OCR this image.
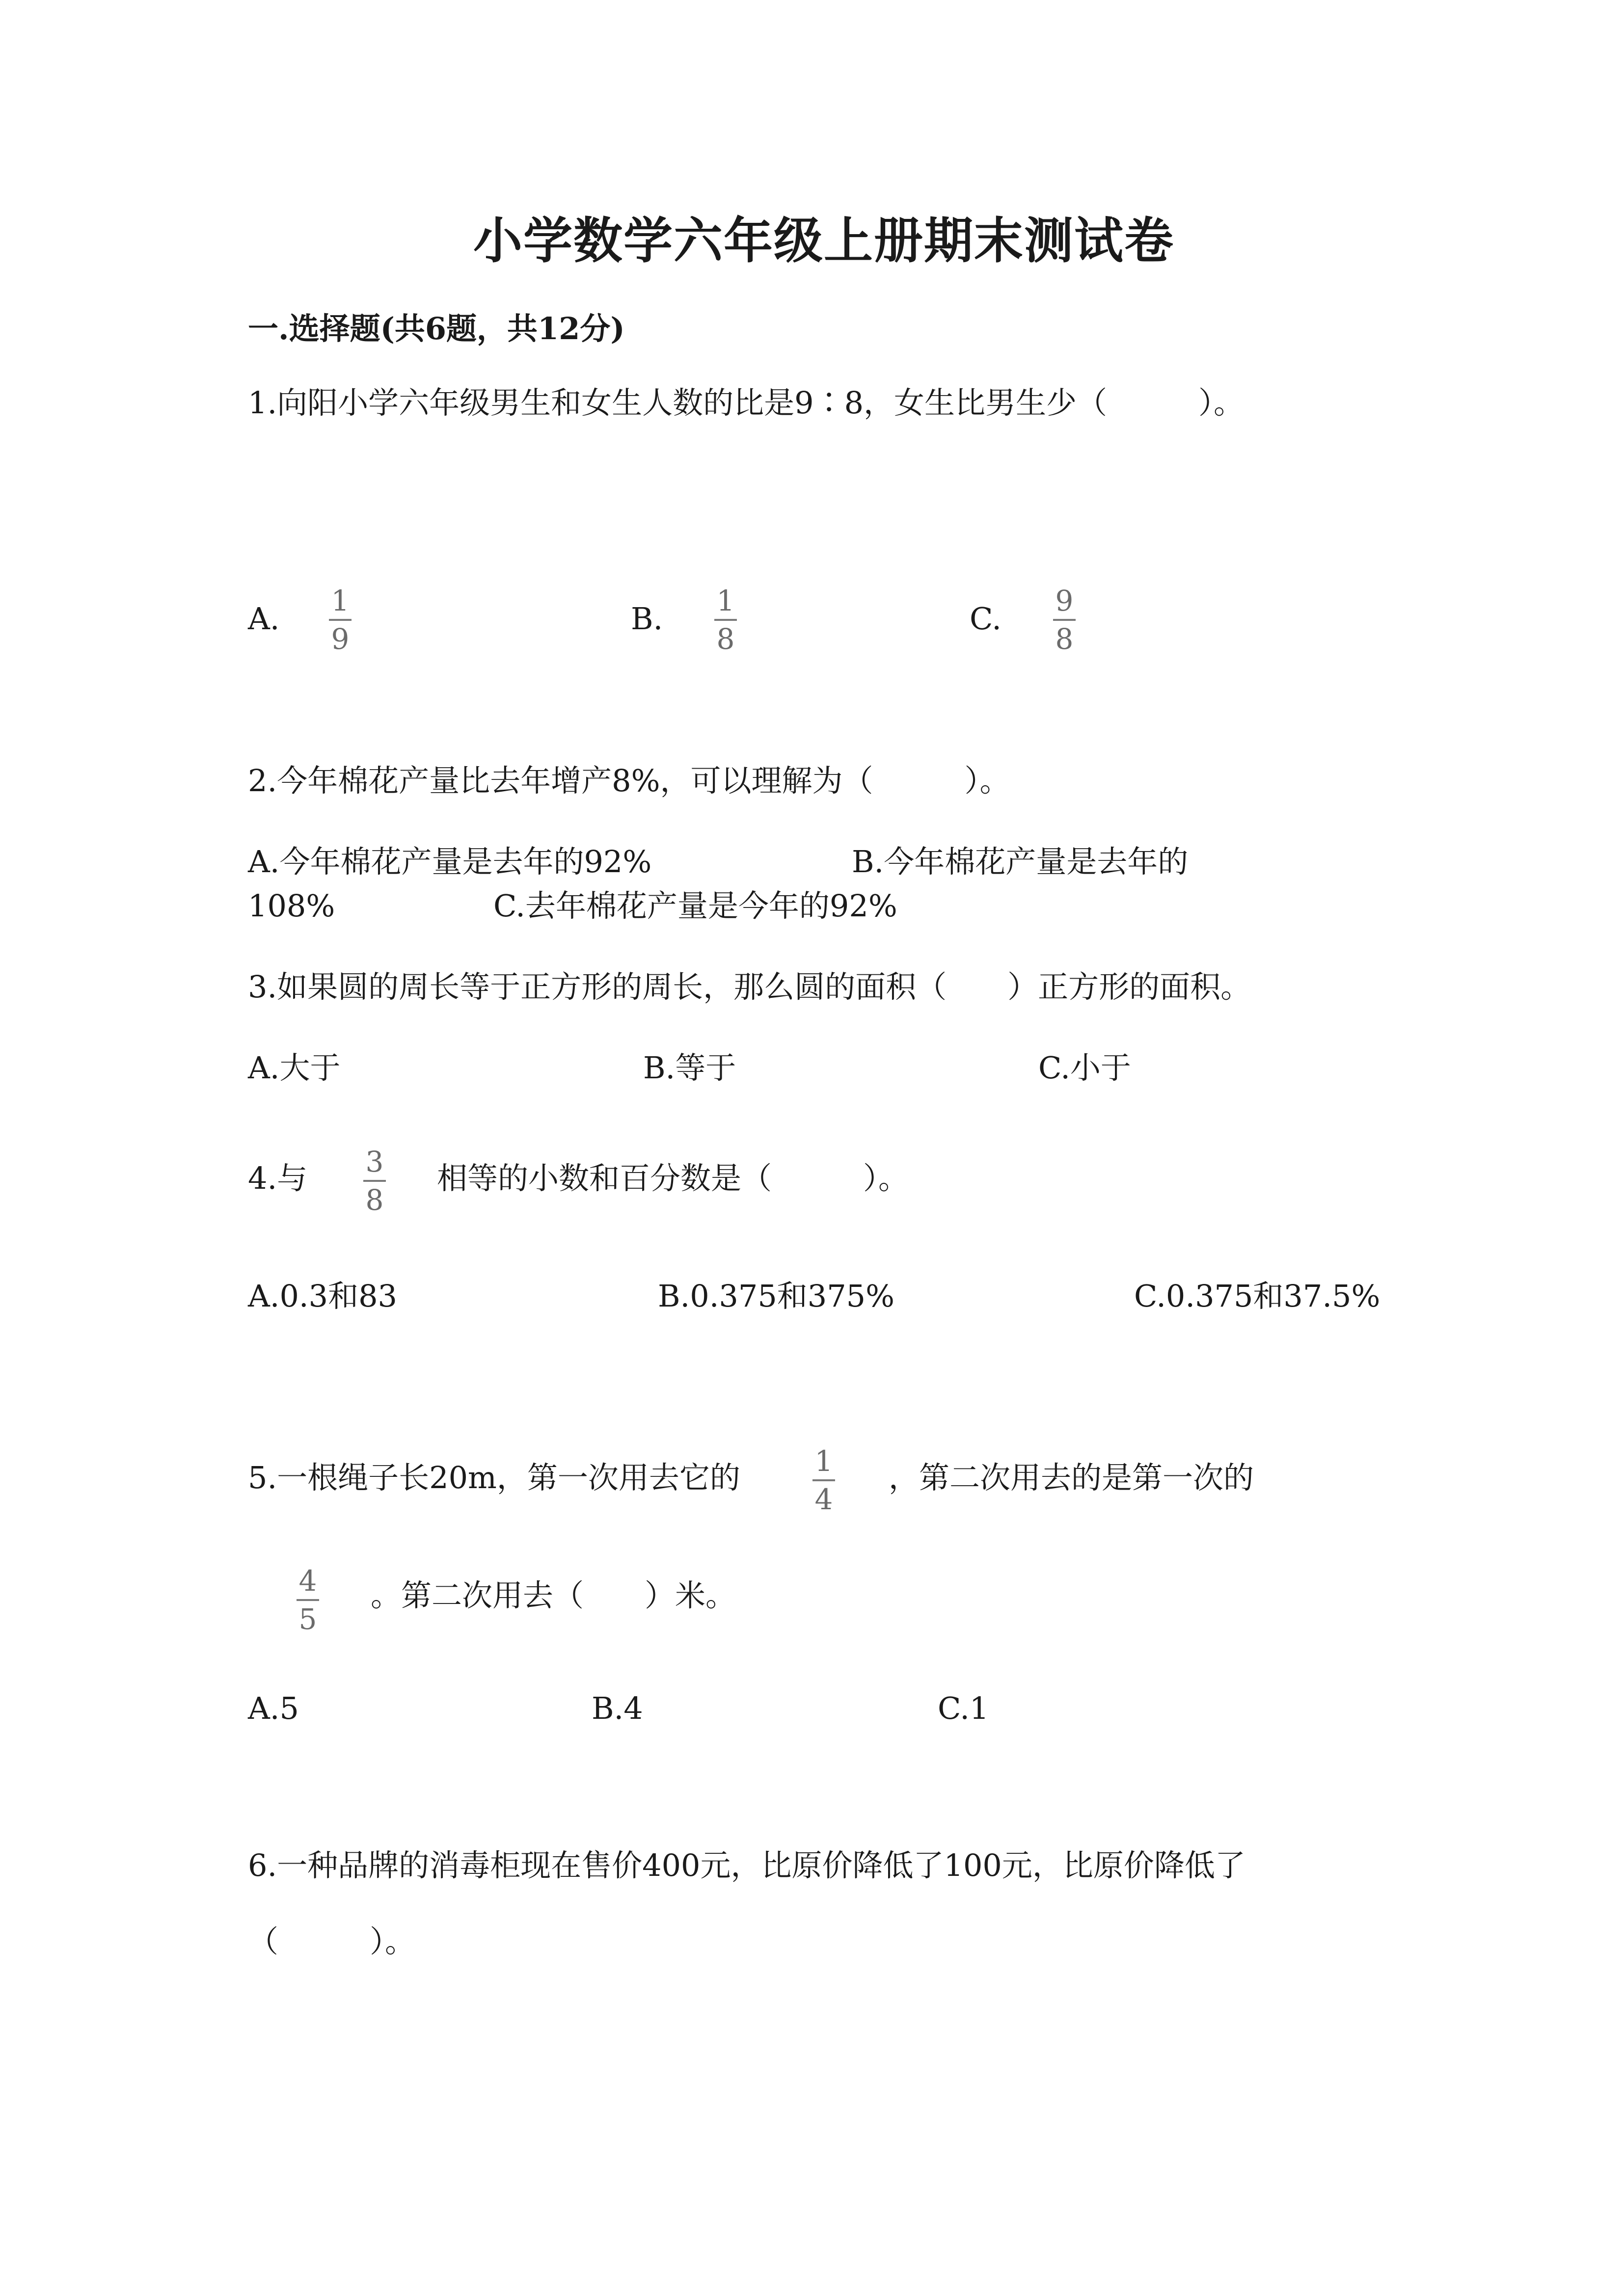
小学数学六年级上册期末测试卷
一.选择题(共6题，共12分)
1.向阳小学六年级男生和女生人数的比是9∶8，女生比男生少（　　　）。
A. 1
9
B. 1
8
C. 9
8
2.今年棉花产量比去年增产8%，可以理解为（　　　）。
A.今年棉花产量是去年的92%	B.今年棉花产量是去年的
108%	C.去年棉花产量是今年的92%
3.如果圆的周长等于正方形的周长，那么圆的面积（　　）正方形的面积。
A.大于	B.等于	C.小于
4.与 3
8
相等的小数和百分数是（　　　）。
A.0.3和83	B.0.375和375%	C.0.375和37.5%
5.一根绳子长20m，第一次用去它的	1
4
，第二次用去的是第一次的
4
5
。第二次用去（　　）米。
A.5	B.4	C.1
6.一种品牌的消毒柜现在售价400元，比原价降低了100元，比原价降低了
（　　　）。
